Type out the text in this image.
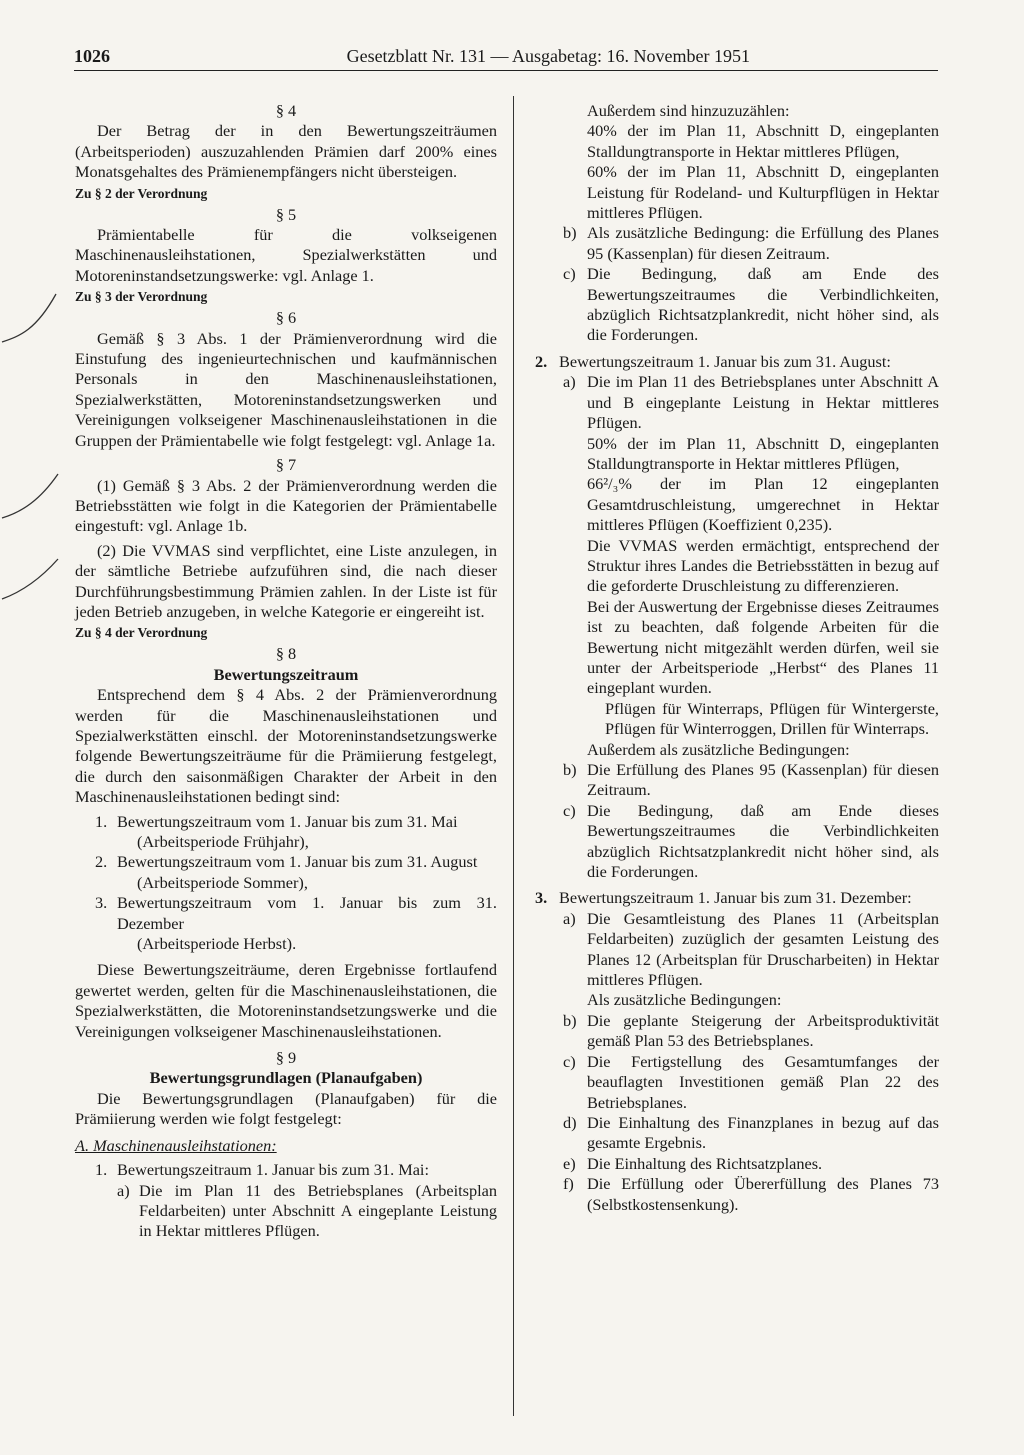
1026	Gesetzblatt Nr. 131 — Ausgabetag: 16. November 1951
§ 4
Der Betrag der in den Bewertungszeiträumen (Arbeitsperioden) auszuzahlenden Prämien darf 200% eines Monatsgehaltes des Prämienempfängers nicht übersteigen.
Zu § 2 der Verordnung
§ 5
Prämientabelle für die volkseigenen Maschinenausleihstationen, Spezialwerkstätten und Motoreninstandsetzungswerke: vgl. Anlage 1.
Zu § 3 der Verordnung
§ 6
Gemäß § 3 Abs. 1 der Prämienverordnung wird die Einstufung des ingenieurtechnischen und kaufmännischen Personals in den Maschinenausleihstationen, Spezialwerkstätten, Motoreninstandsetzungswerken und Vereinigungen volkseigener Maschinenausleihstationen in die Gruppen der Prämientabelle wie folgt festgelegt: vgl. Anlage 1a.
§ 7
(1) Gemäß § 3 Abs. 2 der Prämienverordnung werden die Betriebsstätten wie folgt in die Kategorien der Prämientabelle eingestuft: vgl. Anlage 1b.
(2) Die VVMAS sind verpflichtet, eine Liste anzulegen, in der sämtliche Betriebe aufzuführen sind, die nach dieser Durchführungsbestimmung Prämien zahlen. In der Liste ist für jeden Betrieb anzugeben, in welche Kategorie er eingereiht ist.
Zu § 4 der Verordnung
§ 8
Bewertungszeitraum
Entsprechend dem § 4 Abs. 2 der Prämienverordnung werden für die Maschinenausleihstationen und Spezialwerkstätten einschl. der Motoreninstandsetzungswerke folgende Bewertungszeiträume für die Prämiierung festgelegt, die durch den saisonmäßigen Charakter der Arbeit in den Maschinenausleihstationen bedingt sind:
1. Bewertungszeitraum vom 1. Januar bis zum 31. Mai
(Arbeitsperiode Frühjahr),
2. Bewertungszeitraum vom 1. Januar bis zum 31. August
(Arbeitsperiode Sommer),
3. Bewertungszeitraum vom 1. Januar bis zum 31. Dezember
(Arbeitsperiode Herbst).
Diese Bewertungszeiträume, deren Ergebnisse fortlaufend gewertet werden, gelten für die Maschinenausleihstationen, die Spezialwerkstätten, die Motoreninstandsetzungswerke und die Vereinigungen volkseigener Maschinenausleihstationen.
§ 9
Bewertungsgrundlagen (Planaufgaben)
Die Bewertungsgrundlagen (Planaufgaben) für die Prämiierung werden wie folgt festgelegt:
A. Maschinenausleihstationen:
1. Bewertungszeitraum 1. Januar bis zum 31. Mai:
a) Die im Plan 11 des Betriebsplanes (Arbeitsplan Feldarbeiten) unter Abschnitt A eingeplante Leistung in Hektar mittleres Pflügen.
Außerdem sind hinzuzuzählen:
40% der im Plan 11, Abschnitt D, eingeplanten Stalldungtransporte in Hektar mittleres Pflügen,
60% der im Plan 11, Abschnitt D, eingeplanten Leistung für Rodeland- und Kulturpflügen in Hektar mittleres Pflügen.
b) Als zusätzliche Bedingung: die Erfüllung des Planes 95 (Kassenplan) für diesen Zeitraum.
c) Die Bedingung, daß am Ende des Bewertungszeitraumes die Verbindlichkeiten, abzüglich Richtsatzplankredit, nicht höher sind, als die Forderungen.
2. Bewertungszeitraum 1. Januar bis zum 31. August:
a) Die im Plan 11 des Betriebsplanes unter Abschnitt A und B eingeplante Leistung in Hektar mittleres Pflügen.
50% der im Plan 11, Abschnitt D, eingeplanten Stalldungtransporte in Hektar mittleres Pflügen,
66²/₃% der im Plan 12 eingeplanten Gesamtdruschleistung, umgerechnet in Hektar mittleres Pflügen (Koeffizient 0,235).
Die VVMAS werden ermächtigt, entsprechend der Struktur ihres Landes die Betriebsstätten in bezug auf die geforderte Druschleistung zu differenzieren.
Bei der Auswertung der Ergebnisse dieses Zeitraumes ist zu beachten, daß folgende Arbeiten für die Bewertung nicht mitgezählt werden dürfen, weil sie unter der Arbeitsperiode „Herbst“ des Planes 11 eingeplant wurden.
Pflügen für Winterraps, Pflügen für Wintergerste, Pflügen für Winterroggen, Drillen für Winterraps.
Außerdem als zusätzliche Bedingungen:
b) Die Erfüllung des Planes 95 (Kassenplan) für diesen Zeitraum.
c) Die Bedingung, daß am Ende dieses Bewertungszeitraumes die Verbindlichkeiten abzüglich Richtsatzplankredit nicht höher sind, als die Forderungen.
3. Bewertungszeitraum 1. Januar bis zum 31. Dezember:
a) Die Gesamtleistung des Planes 11 (Arbeitsplan Feldarbeiten) zuzüglich der gesamten Leistung des Planes 12 (Arbeitsplan für Druscharbeiten) in Hektar mittleres Pflügen.
Als zusätzliche Bedingungen:
b) Die geplante Steigerung der Arbeitsproduktivität gemäß Plan 53 des Betriebsplanes.
c) Die Fertigstellung des Gesamtumfanges der beauflagten Investitionen gemäß Plan 22 des Betriebsplanes.
d) Die Einhaltung des Finanzplanes in bezug auf das gesamte Ergebnis.
e) Die Einhaltung des Richtsatzplanes.
f) Die Erfüllung oder Übererfüllung des Planes 73 (Selbstkostensenkung).
